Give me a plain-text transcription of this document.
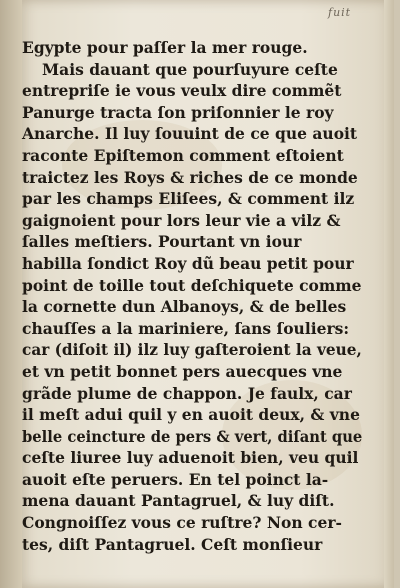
fuit
Egypte pour paſſer la mer rouge.
Mais dauant que pourſuyure ceſte
entrepriſe ie vous veulx dire commẽt
Panurge tracta ſon priſonnier le roy
Anarche. Il luy ſouuint de ce que auoit
raconte Epiſtemon comment eſtoient
traictez les Roys & riches de ce monde
par les champs Eliſees, & comment ilz
gaignoient pour lors leur vie a vilz &
ſalles meſtiers. Pourtant vn iour
habilla ſondict Roy dũ beau petit pour
point de toille tout deſchiquete comme
la cornette dun Albanoys, & de belles
chauſſes a la mariniere, ſans ſouliers:
car (diſoit il) ilz luy gaſteroient la veue,
et vn petit bonnet pers auecques vne
grãde plume de chappon. Je faulx, car
il meſt adui quil y en auoit deux, & vne
belle ceincture de pers & vert, diſant que
ceſte liuree luy aduenoit bien, veu quil
auoit eſte peruers. En tel poinct la-
mena dauant Pantagruel, & luy diſt.
Congnoiſſez vous ce ruſtre? Non cer-
tes, diſt Pantagruel. Ceſt monſieur
